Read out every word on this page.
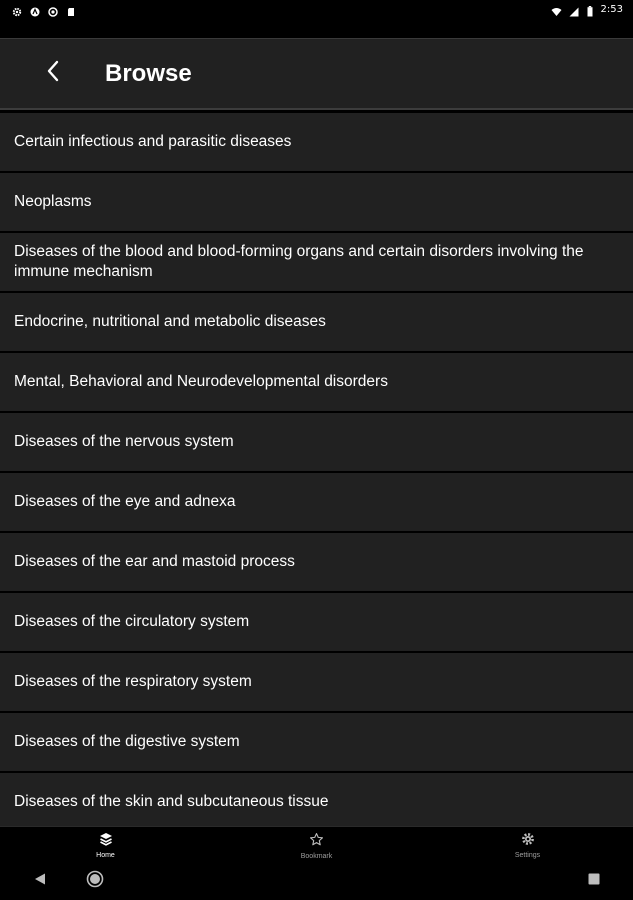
2:53
Browse
Certain infectious and parasitic diseases
Neoplasms
Diseases of the blood and blood-forming organs and certain disorders involving the immune mechanism
Endocrine, nutritional and metabolic diseases
Mental, Behavioral and Neurodevelopmental disorders
Diseases of the nervous system
Diseases of the eye and adnexa
Diseases of the ear and mastoid process
Diseases of the circulatory system
Diseases of the respiratory system
Diseases of the digestive system
Diseases of the skin and subcutaneous tissue
Home	Bookmark	Settings
